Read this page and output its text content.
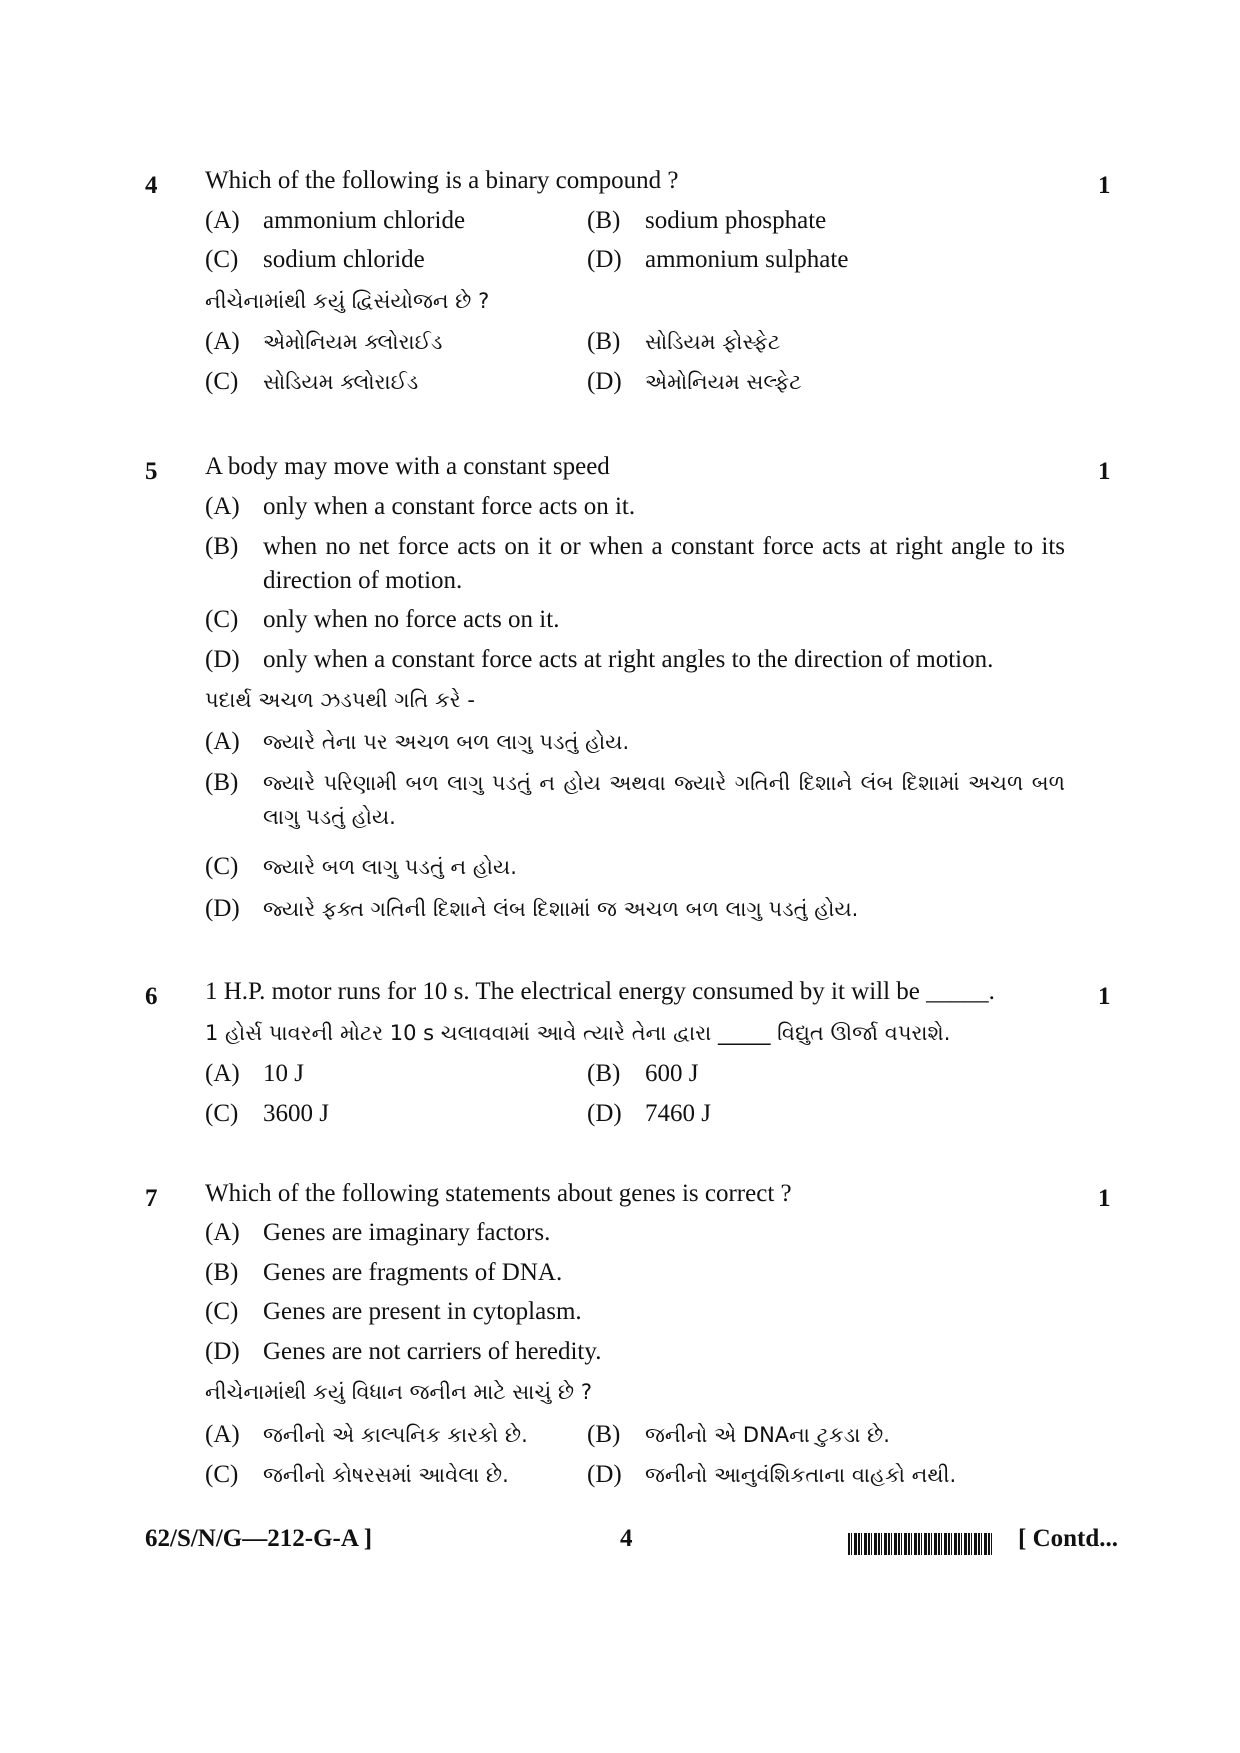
4	1
Which of the following is a binary compound ?
(A) ammonium chloride	(B) sodium phosphate
(C) sodium chloride	(D) ammonium sulphate
નીચેનામાંથી કયું દ્વિસંયોજન છે ?
(A) એમોનિયમ ક્લોરાઈડ	(B) સોડિયમ ફોસ્ફેટ
(C) સોડિયમ ક્લોરાઈડ	(D) એમોનિયમ સલ્ફેટ
5	1
A body may move with a constant speed
(A) only when a constant force acts on it.
(B) when no net force acts on it or when a constant force acts at right angle to its direction of motion.
(C) only when no force acts on it.
(D) only when a constant force acts at right angles to the direction of motion.
પદાર્થ અચળ ઝડપથી ગતિ કરે -
(A) જ્યારે તેના પર અચળ બળ લાગુ પડતું હોય.
(B) જ્યારે પરિણામી બળ લાગુ પડતું ન હોય અથવા જ્યારે ગતિની દિશાને લંબ દિશામાં અચળ બળ લાગુ પડતું હોય.
(C) જ્યારે બળ લાગુ પડતું ન હોય.
(D) જ્યારે ફક્ત ગતિની દિશાને લંબ દિશામાં જ અચળ બળ લાગુ પડતું હોય.
6	1
1 H.P. motor runs for 10 s. The electrical energy consumed by it will be _____.
1 હોર્સ પાવરની મોટર 10 s ચલાવવામાં આવે ત્યારે તેના દ્વારા _____ વિદ્યુત ઊર્જા વપરાશે.
(A) 10 J	(B) 600 J
(C) 3600 J	(D) 7460 J
7	1
Which of the following statements about genes is correct ?
(A) Genes are imaginary factors.
(B) Genes are fragments of DNA.
(C) Genes are present in cytoplasm.
(D) Genes are not carriers of heredity.
નીચેનામાંથી કયું વિધાન જનીન માટે સાચું છે ?
(A) જનીનો એ કાલ્પનિક કારકો છે. (B) જનીનો એ DNAના ટુકડા છે.
(C) જનીનો કોષરસમાં આવેલા છે.	(D) જનીનો આનુવંશિકતાના વાહકો નથી.
62/S/N/G—212-G-A ]	4	[ Contd...
